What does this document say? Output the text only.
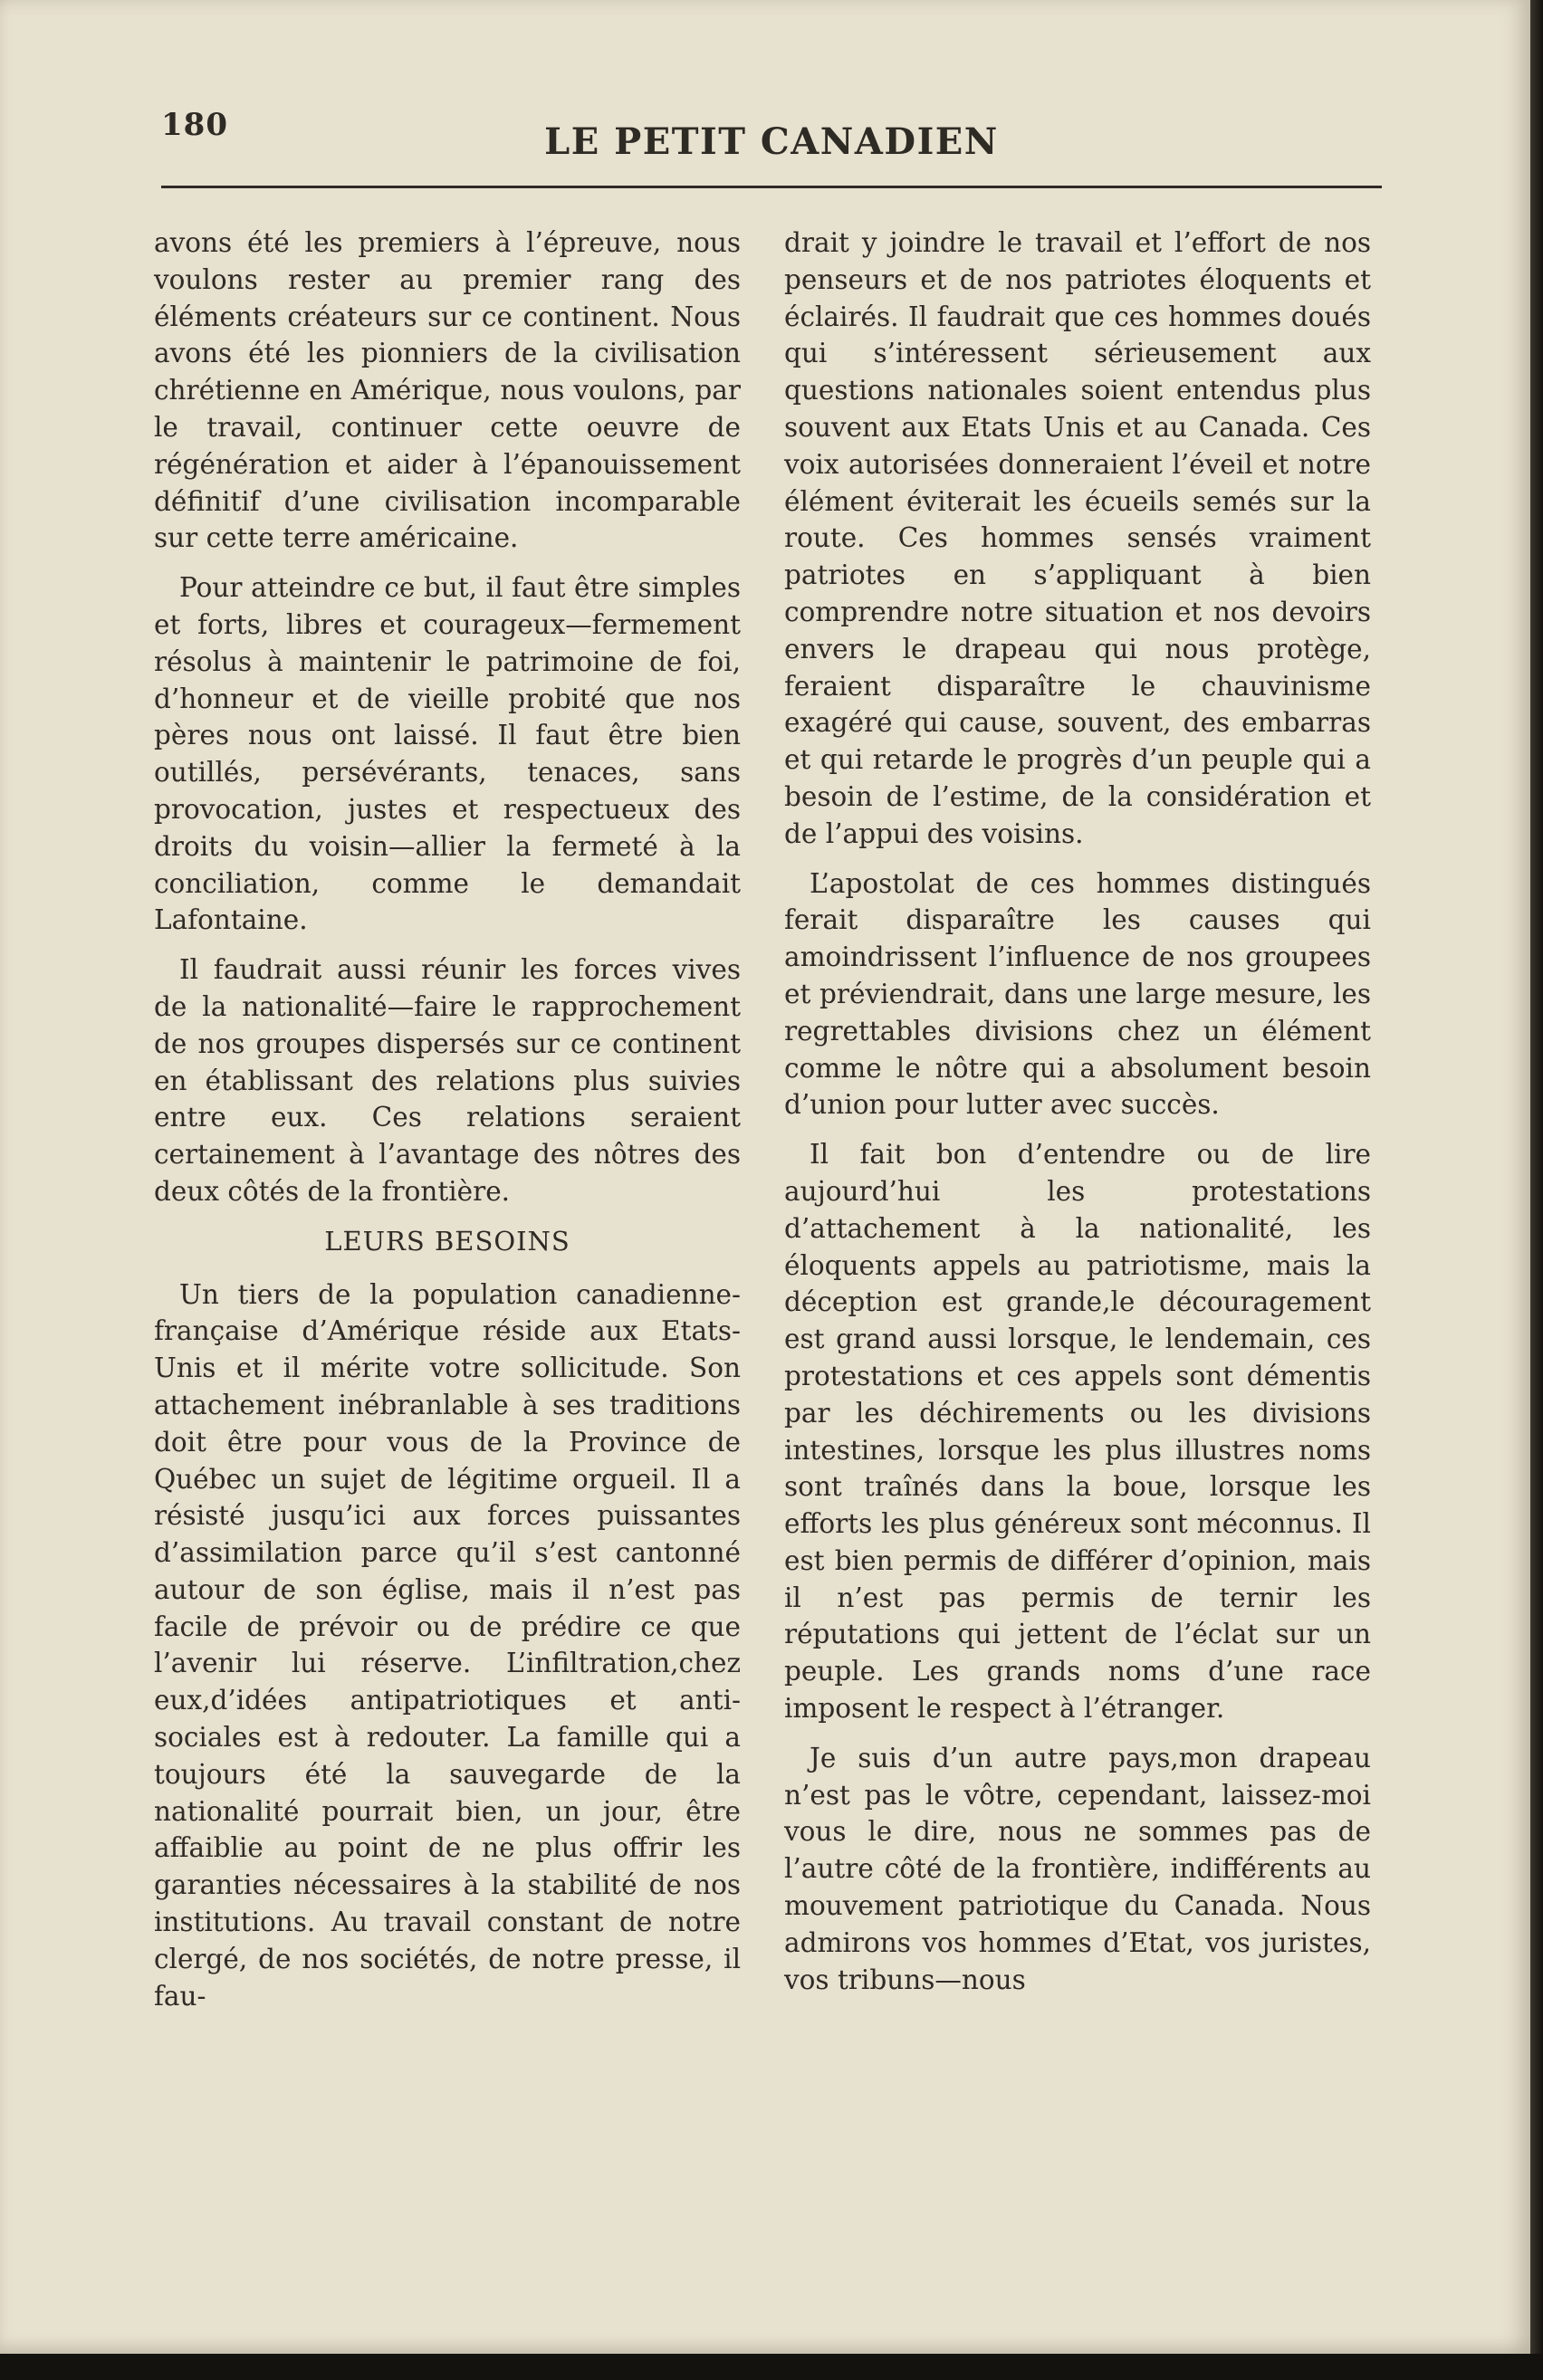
180	LE PETIT CANADIEN

avons été les premiers à l’épreuve, nous voulons rester au premier rang des éléments créateurs sur ce continent. Nous avons été les pionniers de la civilisation chrétienne en Amérique, nous voulons, par le travail, continuer cette oeuvre de régénération et aider à l’épanouissement définitif d’une civilisation incomparable sur cette terre américaine.

Pour atteindre ce but, il faut être simples et forts, libres et courageux—fermement résolus à maintenir le patrimoine de foi, d’honneur et de vieille probité que nos pères nous ont laissé. Il faut être bien outillés, persévérants, tenaces, sans provocation, justes et respectueux des droits du voisin—allier la fermeté à la conciliation, comme le demandait Lafontaine.

Il faudrait aussi réunir les forces vives de la nationalité—faire le rapprochement de nos groupes dispersés sur ce continent en établissant des relations plus suivies entre eux. Ces relations seraient certainement à l’avantage des nôtres des deux côtés de la frontière.

LEURS BESOINS

Un tiers de la population canadienne-française d’Amérique réside aux Etats-Unis et il mérite votre sollicitude. Son attachement inébranlable à ses traditions doit être pour vous de la Province de Québec un sujet de légitime orgueil. Il a résisté jusqu’ici aux forces puissantes d’assimilation parce qu’il s’est cantonné autour de son église, mais il n’est pas facile de prévoir ou de prédire ce que l’avenir lui réserve. L’infiltration,chez eux,d’idées antipatriotiques et anti-sociales est à redouter. La famille qui a toujours été la sauvegarde de la nationalité pourrait bien, un jour, être affaiblie au point de ne plus offrir les garanties nécessaires à la stabilité de nos institutions. Au travail constant de notre clergé, de nos sociétés, de notre presse, il fau-

drait y joindre le travail et l’effort de nos penseurs et de nos patriotes éloquents et éclairés. Il faudrait que ces hommes doués qui s’intéressent sérieusement aux questions nationales soient entendus plus souvent aux Etats Unis et au Canada. Ces voix autorisées donneraient l’éveil et notre élément éviterait les écueils semés sur la route. Ces hommes sensés vraiment patriotes en s’appliquant à bien comprendre notre situation et nos devoirs envers le drapeau qui nous protège, feraient disparaître le chauvinisme exagéré qui cause, souvent, des embarras et qui retarde le progrès d’un peuple qui a besoin de l’estime, de la considération et de l’appui des voisins.

L’apostolat de ces hommes distingués ferait disparaître les causes qui amoindrissent l’influence de nos groupees et préviendrait, dans une large mesure, les regrettables divisions chez un élément comme le nôtre qui a absolument besoin d’union pour lutter avec succès.

Il fait bon d’entendre ou de lire aujourd’hui les protestations d’attachement à la nationalité, les éloquents appels au patriotisme, mais la déception est grande,le découragement est grand aussi lorsque, le lendemain, ces protestations et ces appels sont démentis par les déchirements ou les divisions intestines, lorsque les plus illustres noms sont traînés dans la boue, lorsque les efforts les plus généreux sont méconnus. Il est bien permis de différer d’opinion, mais il n’est pas permis de ternir les réputations qui jettent de l’éclat sur un peuple. Les grands noms d’une race imposent le respect à l’étranger.

Je suis d’un autre pays,mon drapeau n’est pas le vôtre, cependant, laissez-moi vous le dire, nous ne sommes pas de l’autre côté de la frontière, indifférents au mouvement patriotique du Canada. Nous admirons vos hommes d’Etat, vos juristes, vos tribuns—nous
